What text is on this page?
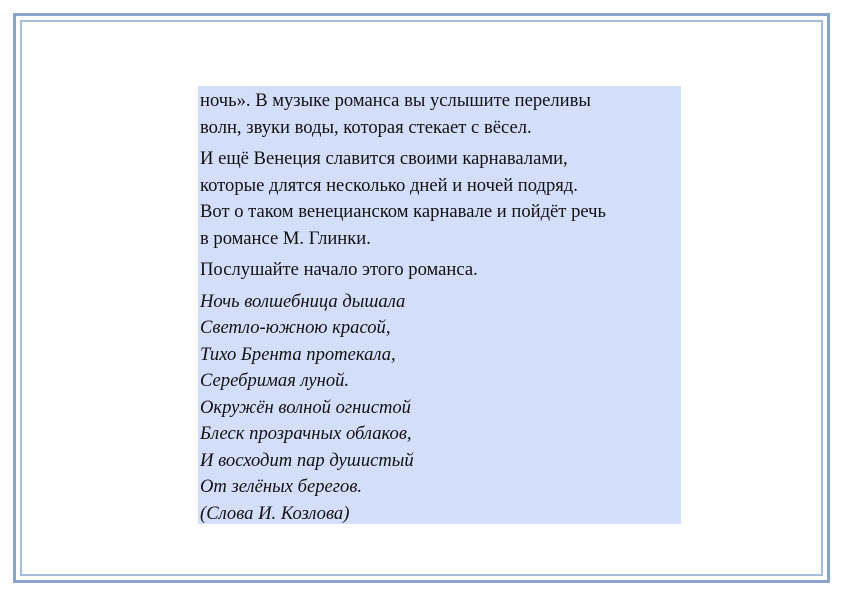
ночь». В музыке романса вы услышите переливы
волн, звуки воды, которая стекает с вёсел.

И ещё Венеция славится своими карнавалами,
которые длятся несколько дней и ночей подряд.
Вот о таком венецианском карнавале и пойдёт речь
в романсе М. Глинки.

Послушайте начало этого романса.

Ночь волшебница дышала
Светло-южною красой,
Тихо Брента протекала,
Серебримая луной.
Окружён волной огнистой
Блеск прозрачных облаков,
И восходит пар душистый
От зелёных берегов.
(Слова И. Козлова)
